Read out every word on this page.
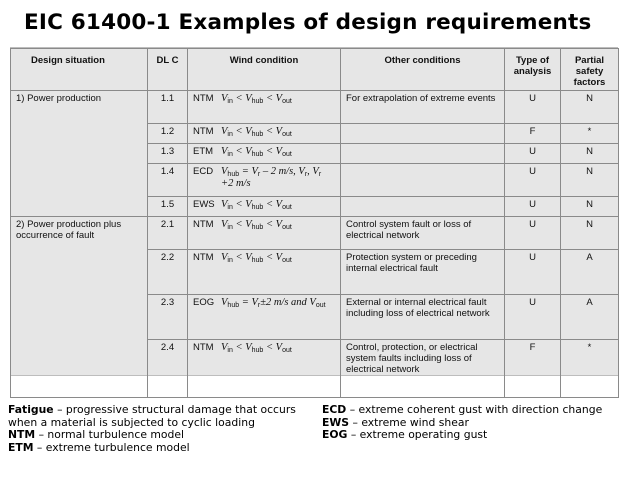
EIC 61400-1 Examples of design requirements
Design situation	DL C	Wind condition	Other conditions	Type of analysis	Partial safety factors
1) Power production	1.1	NTM $V_{in} < V_{hub} < V_{out}$	For extrapolation of extreme events	U	N
	1.2	NTM $V_{in} < V_{hub} < V_{out}$		F	*
	1.3	ETM $V_{in} < V_{hub} < V_{out}$		U	N
	1.4	ECD $V_{hub} = V_r - 2$ m/s, $V_r$, $V_r +2$ m/s		U	N
	1.5	EWS $V_{in} < V_{hub} < V_{out}$		U	N
2) Power production plus occurrence of fault	2.1	NTM $V_{in} < V_{hub} < V_{out}$	Control system fault or loss of electrical network	U	N
	2.2	NTM $V_{in} < V_{hub} < V_{out}$	Protection system or preceding internal electrical fault	U	A
	2.3	EOG $V_{hub} = V_r\pm 2$ m/s and $V_{out}$	External or internal electrical fault including loss of electrical network	U	A
	2.4	NTM $V_{in} < V_{hub} < V_{out}$	Control, protection, or electrical system faults including loss of electrical network	F	*
Fatigue – progressive structural damage that occurs
when a material is subjected to cyclic loading
NTM – normal turbulence model
ETM – extreme turbulence model
ECD – extreme coherent gust with direction change
EWS – extreme wind shear
EOG – extreme operating gust
